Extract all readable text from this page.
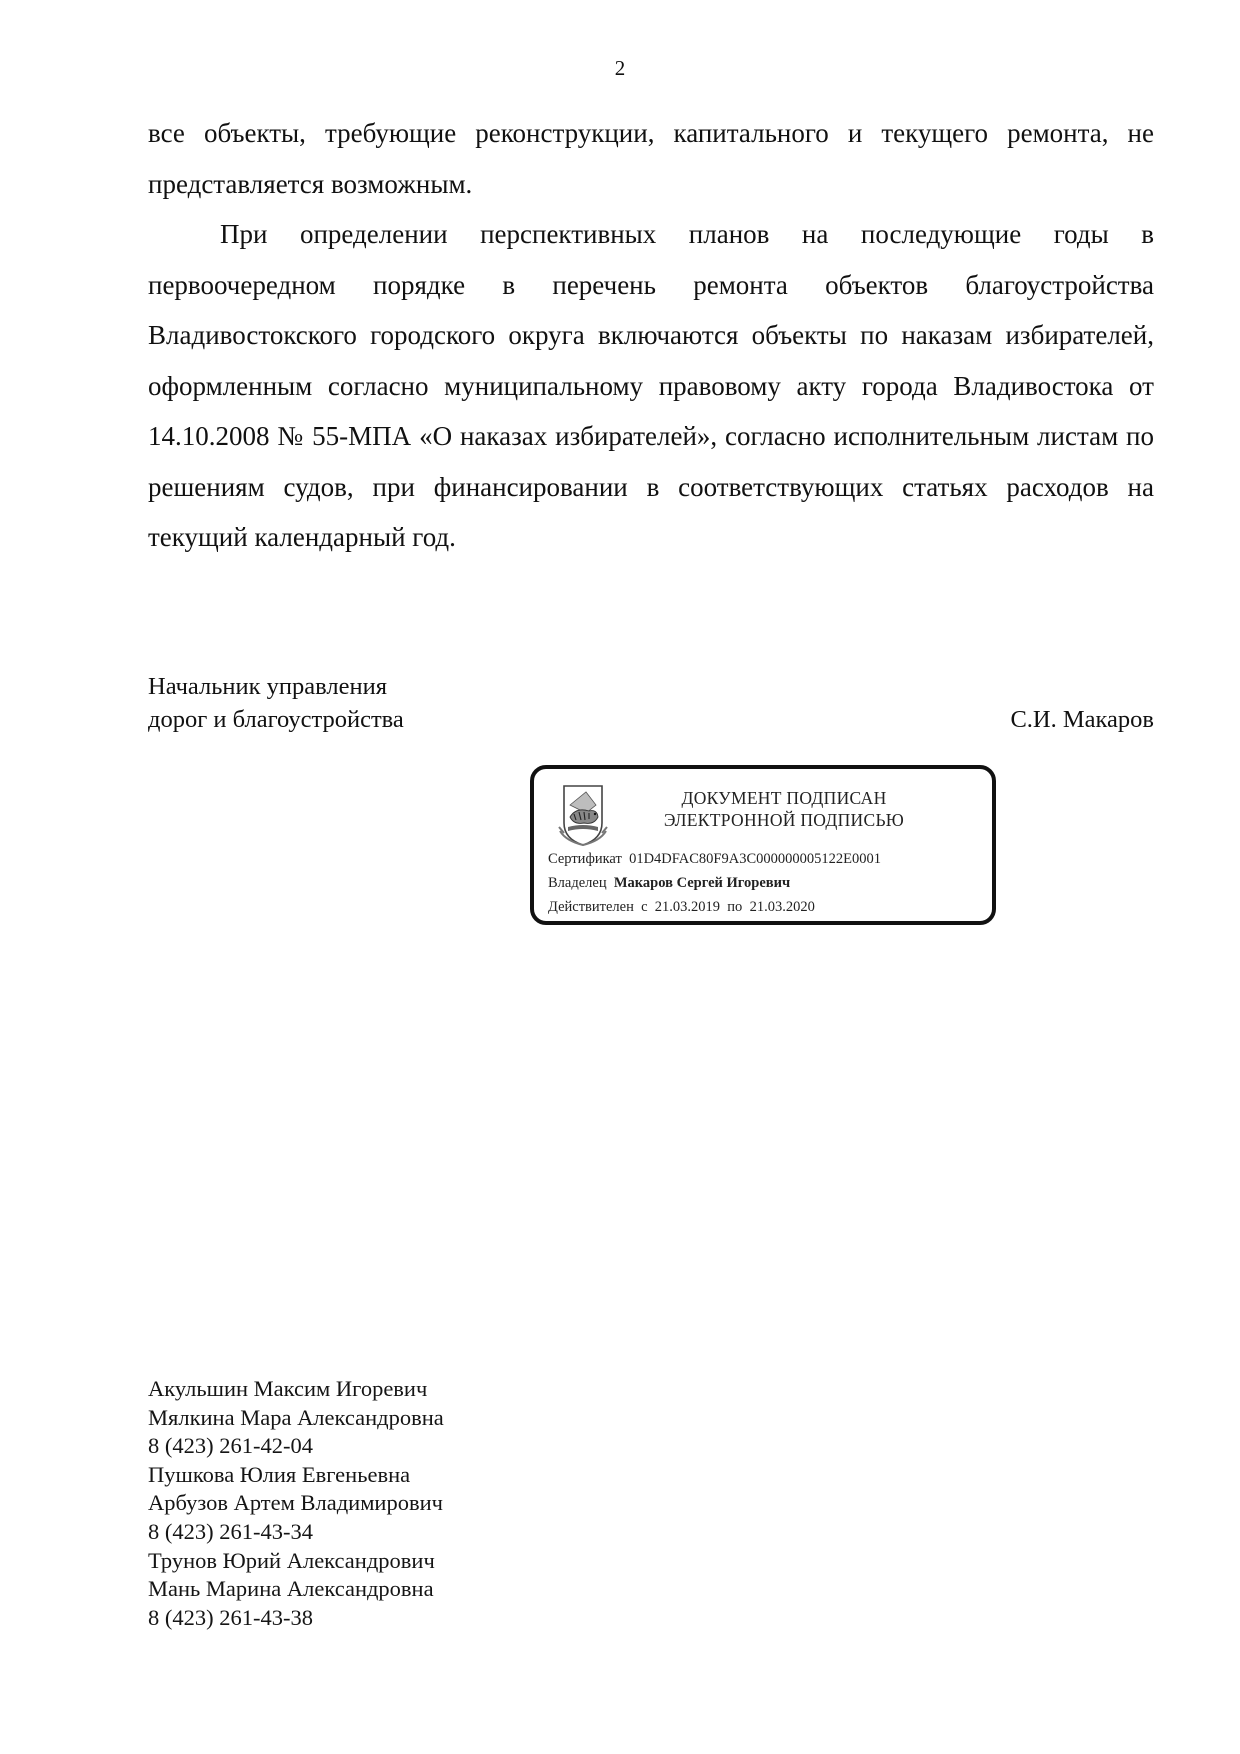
2

все объекты, требующие реконструкции, капитального и текущего ремонта, не представляется возможным.

При определении перспективных планов на последующие годы в первоочередном порядке в перечень ремонта объектов благоустройства Владивостокского городского округа включаются объекты по наказам избирателей, оформленным согласно муниципальному правовому акту города Владивостока от 14.10.2008 № 55-МПА «О наказах избирателей», согласно исполнительным листам по решениям судов, при финансировании в соответствующих статьях расходов на текущий календарный год.

Начальник управления
дорог и благоустройства	С.И. Макаров
ДОКУМЕНТ ПОДПИСАН
ЭЛЕКТРОННОЙ ПОДПИСЬЮ
Сертификат 01D4DFAC80F9A3C000000005122E0001
Владелец Макаров Сергей Игоревич
Действителен с 21.03.2019 по 21.03.2020
Акульшин Максим Игоревич
Мялкина Мара Александровна
8 (423) 261-42-04
Пушкова Юлия Евгеньевна
Арбузов Артем Владимирович
8 (423) 261-43-34
Трунов Юрий Александрович
Мань Марина Александровна
8 (423) 261-43-38
